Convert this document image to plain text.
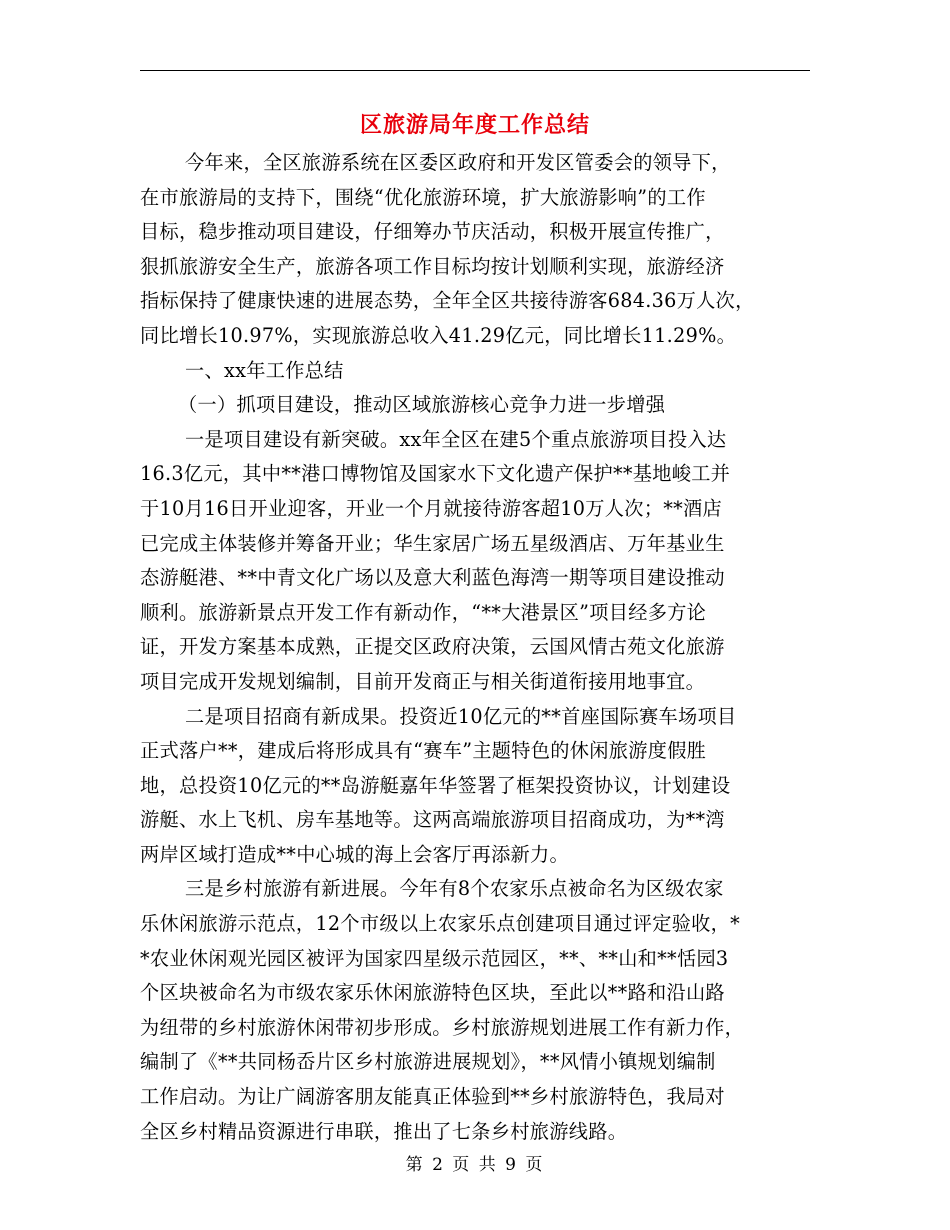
区旅游局年度工作总结
今年来，全区旅游系统在区委区政府和开发区管委会的领导下，
在市旅游局的支持下，围绕“优化旅游环境，扩大旅游影响”的工作
目标，稳步推动项目建设，仔细筹办节庆活动，积极开展宣传推广，
狠抓旅游安全生产，旅游各项工作目标均按计划顺利实现，旅游经济
指标保持了健康快速的进展态势，全年全区共接待游客684.36万人次，
同比增长10.97%，实现旅游总收入41.29亿元，同比增长11.29%。
一、xx年工作总结
（一）抓项目建设，推动区域旅游核心竞争力进一步增强
一是项目建设有新突破。xx年全区在建5个重点旅游项目投入达
16.3亿元，其中**港口博物馆及国家水下文化遗产保护**基地峻工并
于10月16日开业迎客，开业一个月就接待游客超10万人次；**酒店
已完成主体装修并筹备开业；华生家居广场五星级酒店、万年基业生
态游艇港、**中青文化广场以及意大利蓝色海湾一期等项目建设推动
顺利。旅游新景点开发工作有新动作，“**大港景区”项目经多方论
证，开发方案基本成熟，正提交区政府决策，云国风情古苑文化旅游
项目完成开发规划编制，目前开发商正与相关街道衔接用地事宜。
二是项目招商有新成果。投资近10亿元的**首座国际赛车场项目
正式落户**，建成后将形成具有“赛车”主题特色的休闲旅游度假胜
地，总投资10亿元的**岛游艇嘉年华签署了框架投资协议，计划建设
游艇、水上飞机、房车基地等。这两高端旅游项目招商成功，为**湾
两岸区域打造成**中心城的海上会客厅再添新力。
三是乡村旅游有新进展。今年有8个农家乐点被命名为区级农家
乐休闲旅游示范点，12个市级以上农家乐点创建项目通过评定验收，*
*农业休闲观光园区被评为国家四星级示范园区，**、**山和**恬园3
个区块被命名为市级农家乐休闲旅游特色区块，至此以**路和沿山路
为纽带的乡村旅游休闲带初步形成。乡村旅游规划进展工作有新力作，
编制了《**共同杨岙片区乡村旅游进展规划》，**风情小镇规划编制
工作启动。为让广阔游客朋友能真正体验到**乡村旅游特色，我局对
全区乡村精品资源进行串联，推出了七条乡村旅游线路。
第 2 页 共 9 页
